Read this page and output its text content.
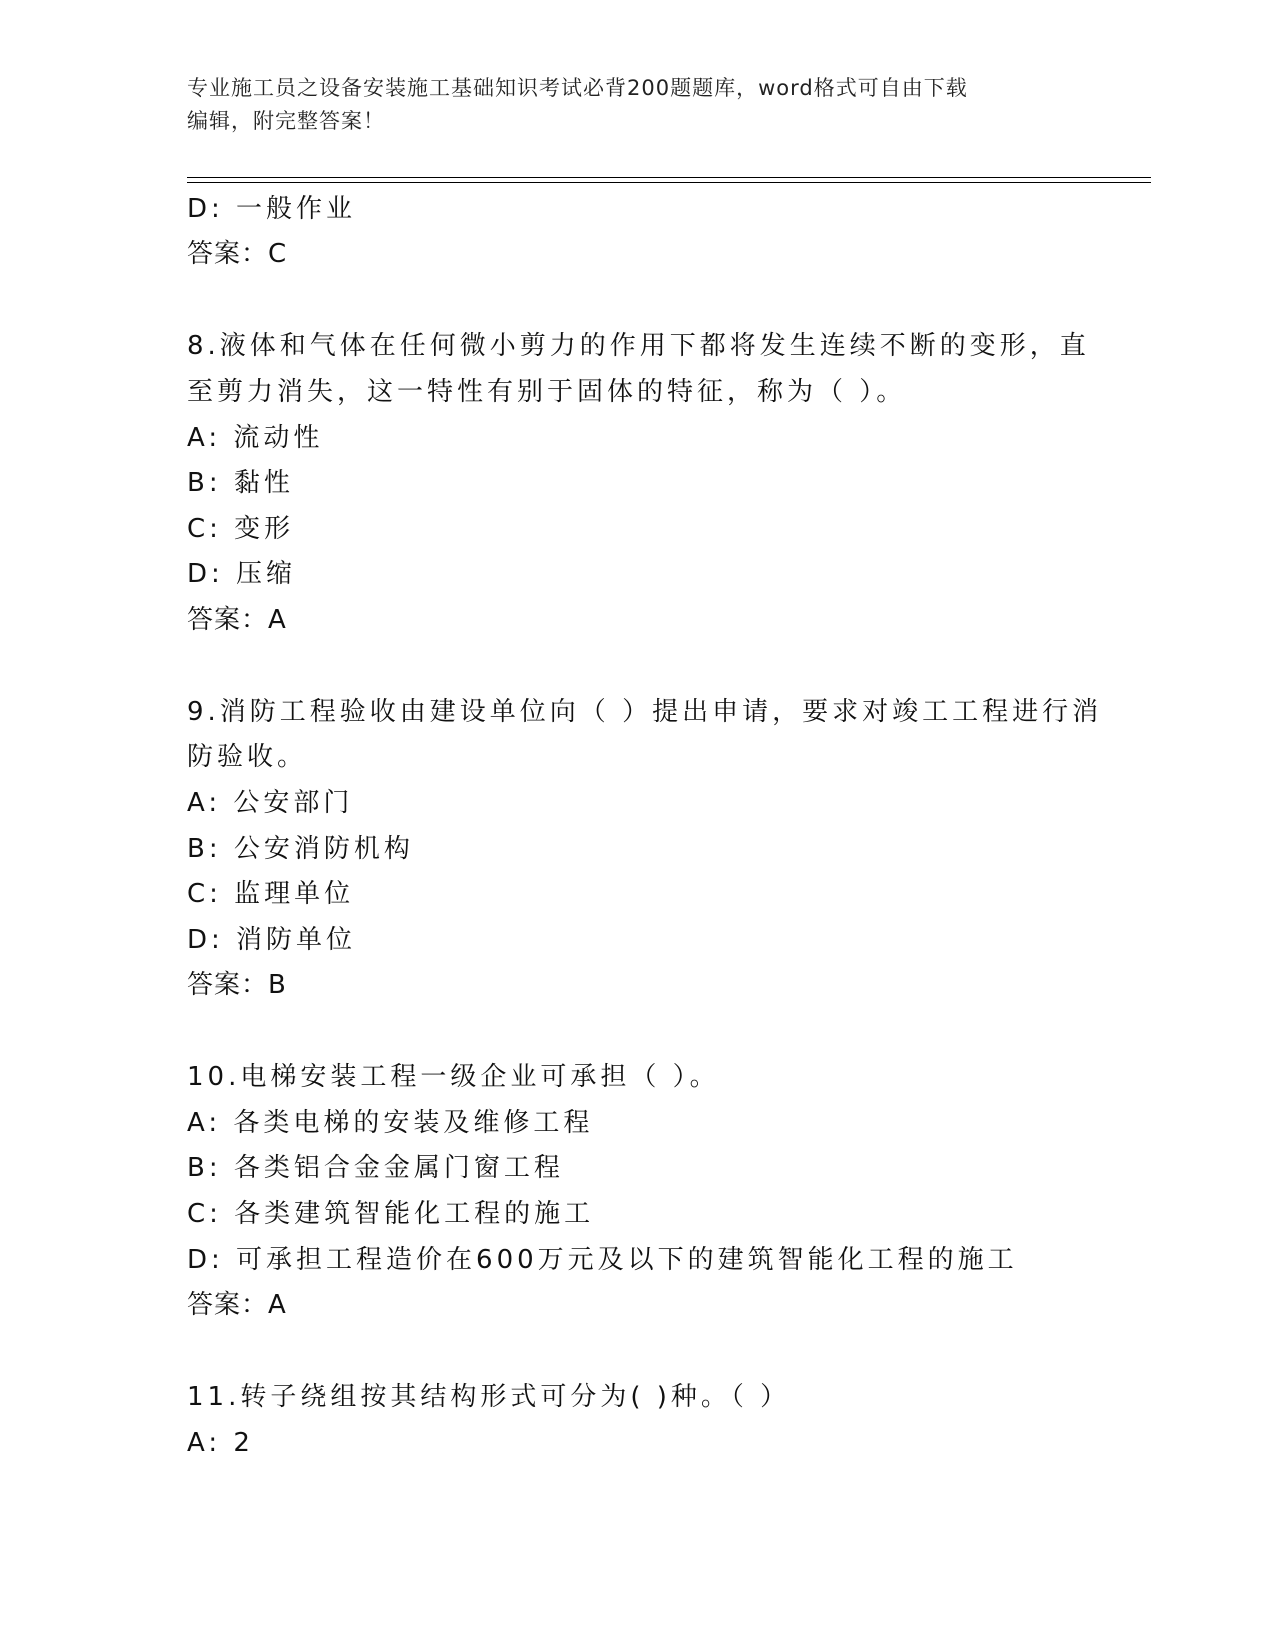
专业施工员之设备安装施工基础知识考试必背200题题库，word格式可自由下载
编辑，附完整答案！
D: 一般作业
答案：C
8.液体和气体在任何微小剪力的作用下都将发生连续不断的变形，直
至剪力消失，这一特性有别于固体的特征，称为（ ）。
A: 流动性
B: 黏性
C: 变形
D: 压缩
答案：A
9.消防工程验收由建设单位向（ ）提出申请，要求对竣工工程进行消
防验收。
A: 公安部门
B: 公安消防机构
C: 监理单位
D: 消防单位
答案：B
10.电梯安装工程一级企业可承担（ ）。
A: 各类电梯的安装及维修工程
B: 各类铝合金金属门窗工程
C: 各类建筑智能化工程的施工
D: 可承担工程造价在600万元及以下的建筑智能化工程的施工
答案：A
11.转子绕组按其结构形式可分为( )种。（ ）
A: 2
